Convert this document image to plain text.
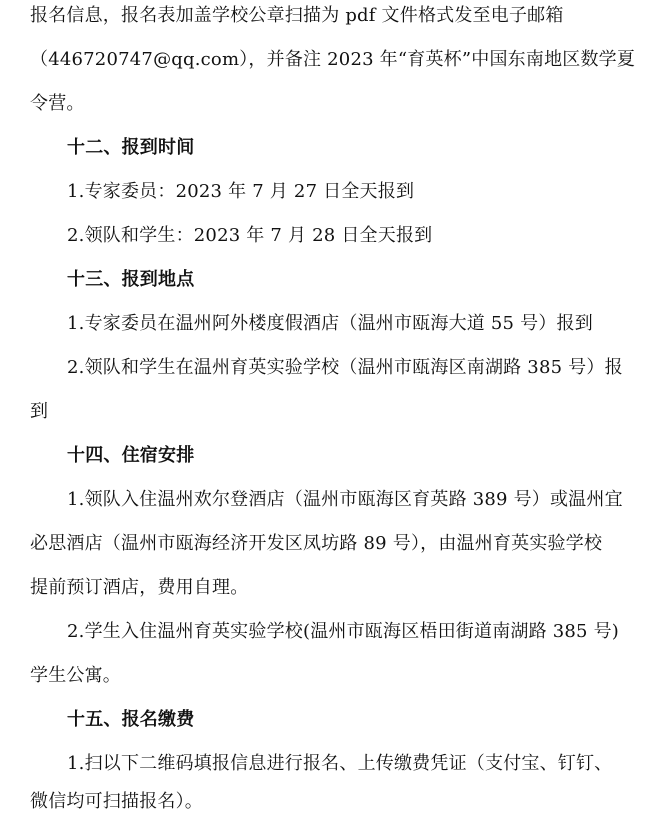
报名信息，报名表加盖学校公章扫描为 pdf 文件格式发至电子邮箱
（446720747@qq.com），并备注 2023 年“育英杯”中国东南地区数学夏
令营。
十二、报到时间
1.专家委员：2023 年 7 月 27 日全天报到
2.领队和学生：2023 年 7 月 28 日全天报到
十三、报到地点
1.专家委员在温州阿外楼度假酒店（温州市瓯海大道 55 号）报到
2.领队和学生在温州育英实验学校（温州市瓯海区南湖路 385 号）报
到
十四、住宿安排
1.领队入住温州欢尔登酒店（温州市瓯海区育英路 389 号）或温州宜
必思酒店（温州市瓯海经济开发区凤坊路 89 号），由温州育英实验学校
提前预订酒店，费用自理。
2.学生入住温州育英实验学校(温州市瓯海区梧田街道南湖路 385 号)
学生公寓。
十五、报名缴费
1.扫以下二维码填报信息进行报名、上传缴费凭证（支付宝、钉钉、
微信均可扫描报名）。
